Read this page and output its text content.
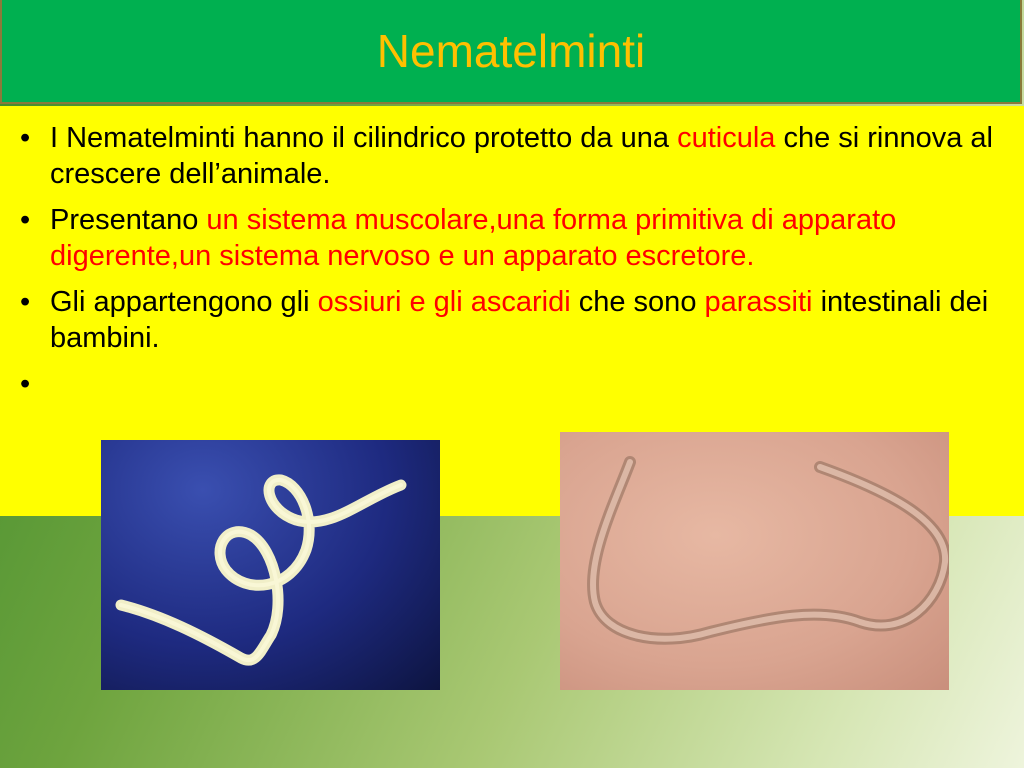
Nematelminti
• I Nematelminti hanno il cilindrico protetto da una cuticula che si rinnova al crescere dell’animale.
• Presentano un sistema muscolare,una forma primitiva di apparato digerente,un sistema nervoso e un apparato escretore.
• Gli appartengono gli ossiuri e gli ascaridi che sono parassiti intestinali dei bambini.
•
